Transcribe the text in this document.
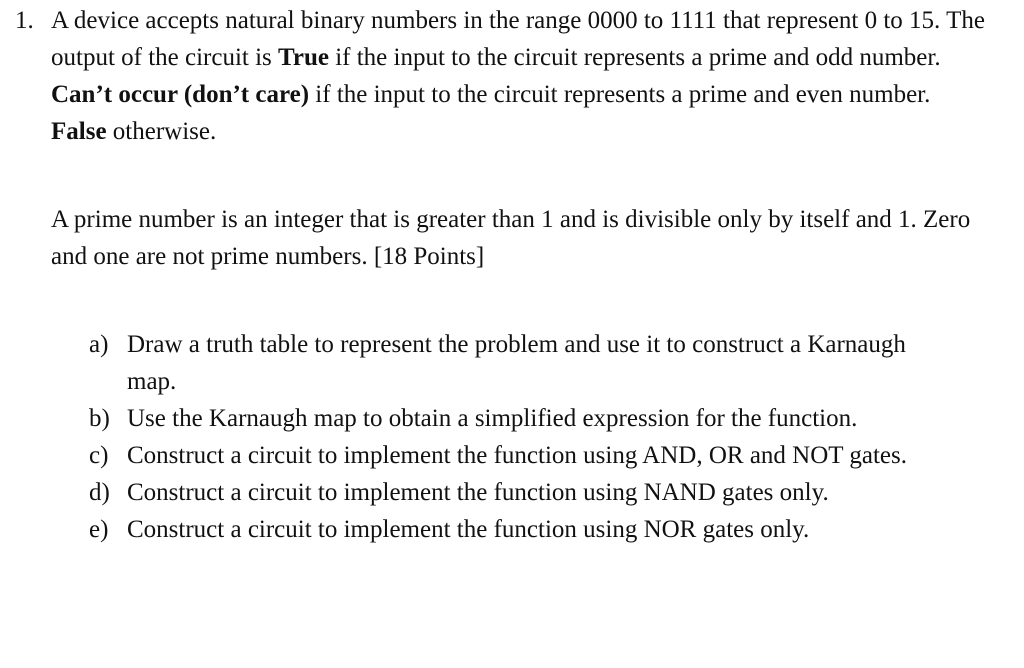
1. A device accepts natural binary numbers in the range 0000 to 1111 that represent 0 to 15. The output of the circuit is True if the input to the circuit represents a prime and odd number. Can’t occur (don’t care) if the input to the circuit represents a prime and even number. False otherwise.

A prime number is an integer that is greater than 1 and is divisible only by itself and 1. Zero and one are not prime numbers. [18 Points]

a) Draw a truth table to represent the problem and use it to construct a Karnaugh map.
b) Use the Karnaugh map to obtain a simplified expression for the function.
c) Construct a circuit to implement the function using AND, OR and NOT gates.
d) Construct a circuit to implement the function using NAND gates only.
e) Construct a circuit to implement the function using NOR gates only.
